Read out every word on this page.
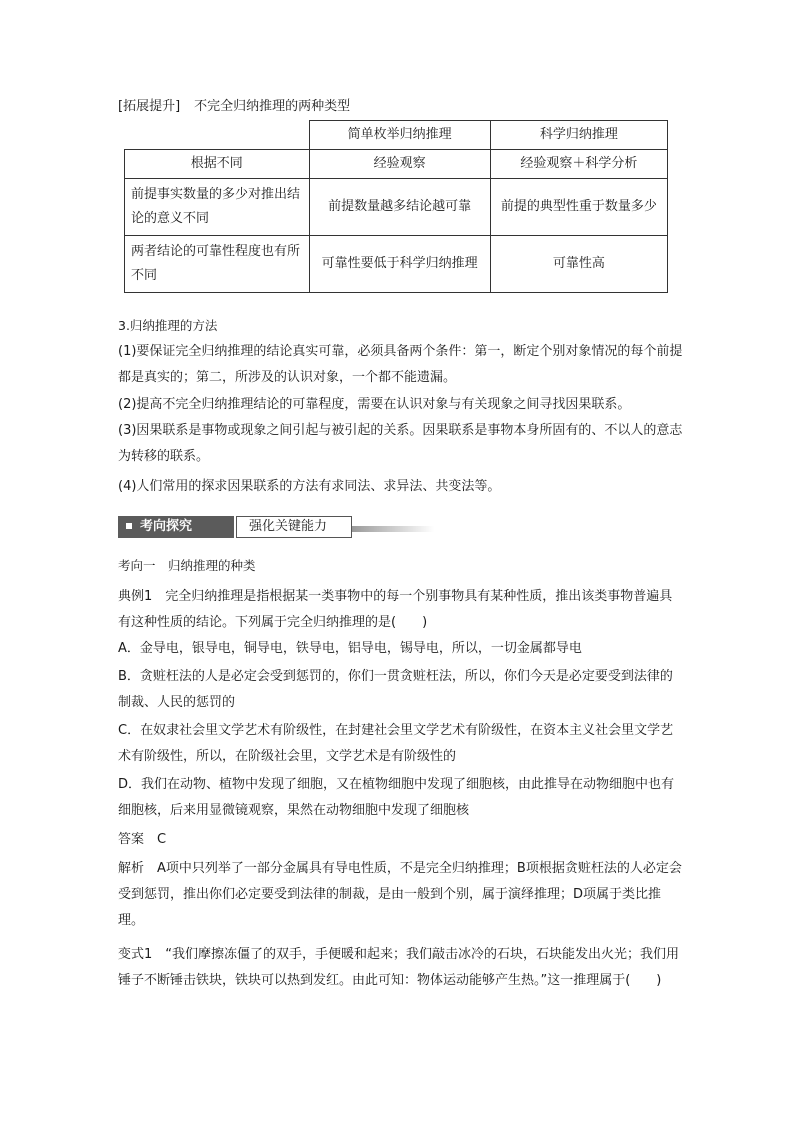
[拓展提升] 不完全归纳推理的两种类型
	简单枚举归纳推理	科学归纳推理
根据不同	经验观察	经验观察＋科学分析
前提事实数量的多少对推出结论的意义不同	前提数量越多结论越可靠	前提的典型性重于数量多少
两者结论的可靠性程度也有所不同	可靠性要低于科学归纳推理	可靠性高
3.归纳推理的方法
(1)要保证完全归纳推理的结论真实可靠，必须具备两个条件：第一，断定个别对象情况的每个前提都是真实的；第二，所涉及的认识对象，一个都不能遗漏。
(2)提高不完全归纳推理结论的可靠程度，需要在认识对象与有关现象之间寻找因果联系。
(3)因果联系是事物或现象之间引起与被引起的关系。因果联系是事物本身所固有的、不以人的意志为转移的联系。
(4)人们常用的探求因果联系的方法有求同法、求异法、共变法等。
考向探究	强化关键能力
考向一　归纳推理的种类
典例1　 完全归纳推理是指根据某一类事物中的每一个别事物具有某种性质，推出该类事物普遍具有这种性质的结论。下列属于完全归纳推理的是(　　)
A．金导电，银导电，铜导电，铁导电，铝导电，锡导电，所以，一切金属都导电
B．贪赃枉法的人是必定会受到惩罚的，你们一贯贪赃枉法，所以，你们今天是必定要受到法律的制裁、人民的惩罚的
C．在奴隶社会里文学艺术有阶级性，在封建社会里文学艺术有阶级性，在资本主义社会里文学艺术有阶级性，所以，在阶级社会里，文学艺术是有阶级性的
D．我们在动物、植物中发现了细胞，又在植物细胞中发现了细胞核，由此推导在动物细胞中也有细胞核，后来用显微镜观察，果然在动物细胞中发现了细胞核
答案　 C
解析　 A项中只列举了一部分金属具有导电性质，不是完全归纳推理；B项根据贪赃枉法的人必定会受到惩罚，推出你们必定要受到法律的制裁，是由一般到个别，属于演绎推理；D项属于类比推理。
变式1　 “我们摩擦冻僵了的双手，手便暖和起来；我们敲击冰冷的石块，石块能发出火光；我们用锤子不断锤击铁块，铁块可以热到发红。由此可知：物体运动能够产生热。”这一推理属于(　　)
